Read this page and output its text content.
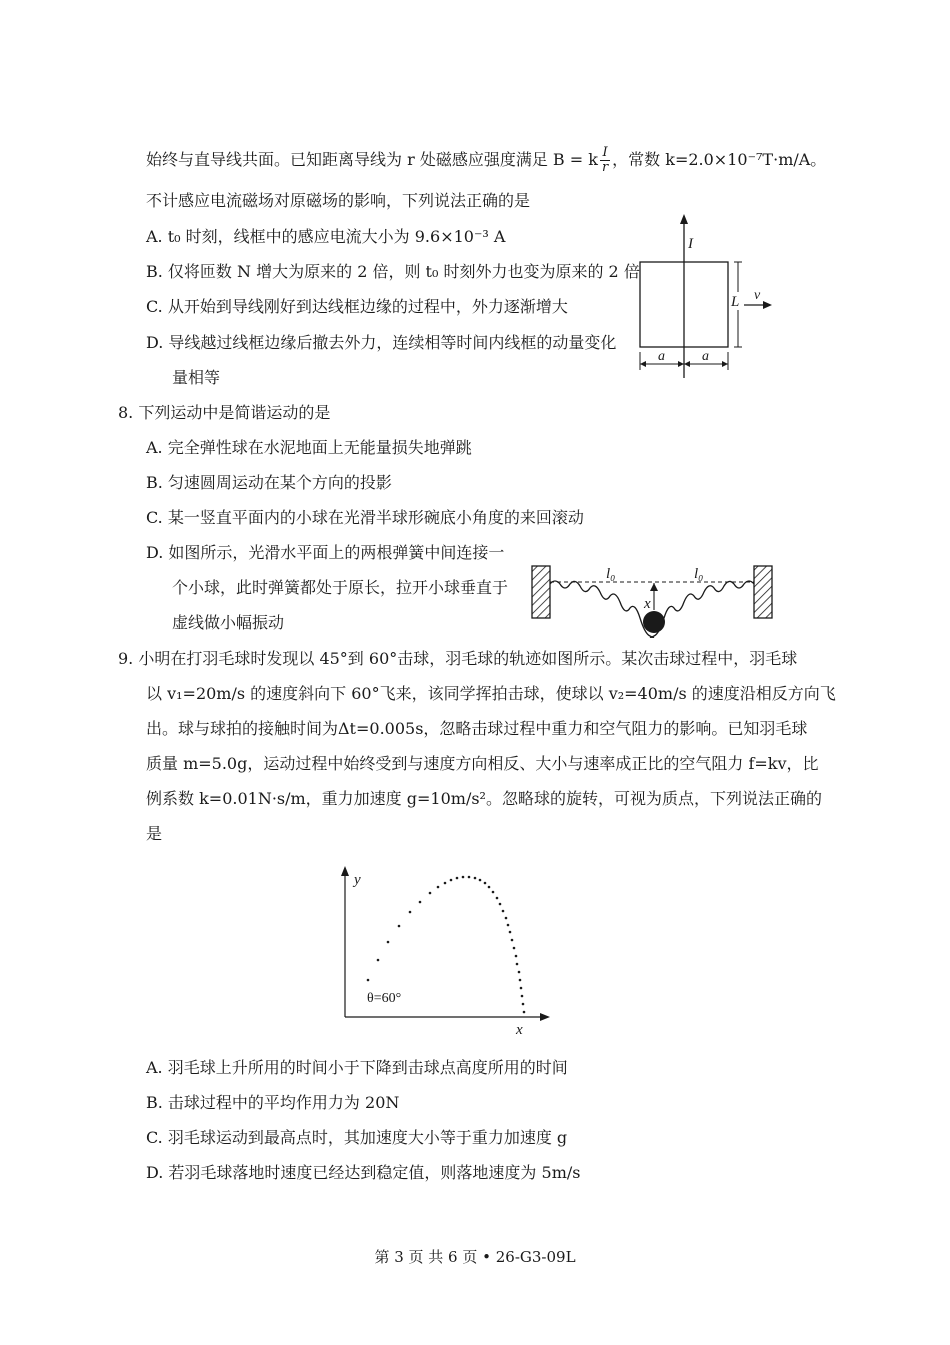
始终与直导线共面。已知距离导线为 r 处磁感应强度满足 B = k $\frac{I}{r}$ ，常数 k=2.0×10⁻⁷T·m/A。
不计感应电流磁场对原磁场的影响，下列说法正确的是
A. t₀ 时刻，线框中的感应电流大小为 9.6×10⁻³ A
B. 仅将匝数 N 增大为原来的 2 倍，则 t₀ 时刻外力也变为原来的 2 倍
C. 从开始到导线刚好到达线框边缘的过程中，外力逐渐增大
D. 导线越过线框边缘后撤去外力，连续相等时间内线框的动量变化
量相等
I
L v
a	a
8. 下列运动中是简谐运动的是
A. 完全弹性球在水泥地面上无能量损失地弹跳
B. 匀速圆周运动在某个方向的投影
C. 某一竖直平面内的小球在光滑半球形碗底小角度的来回滚动
D. 如图所示，光滑水平面上的两根弹簧中间连接一
个小球，此时弹簧都处于原长，拉开小球垂直于
虚线做小幅振动
l₀	l₀
x
9. 小明在打羽毛球时发现以 45°到 60°击球，羽毛球的轨迹如图所示。某次击球过程中，羽毛球
以 v₁=20m/s 的速度斜向下 60°飞来，该同学挥拍击球，使球以 v₂=40m/s 的速度沿相反方向飞
出。球与球拍的接触时间为Δt=0.005s，忽略击球过程中重力和空气阻力的影响。已知羽毛球
质量 m=5.0g，运动过程中始终受到与速度方向相反、大小与速率成正比的空气阻力 f=kv，比
例系数 k=0.01N·s/m，重力加速度 g=10m/s²。忽略球的旋转，可视为质点，下列说法正确的
是
y
x
θ=60°
A. 羽毛球上升所用的时间小于下降到击球点高度所用的时间
B. 击球过程中的平均作用力为 20N
C. 羽毛球运动到最高点时，其加速度大小等于重力加速度 g
D. 若羽毛球落地时速度已经达到稳定值，则落地速度为 5m/s
第 3 页 共 6 页 • 26-G3-09L
